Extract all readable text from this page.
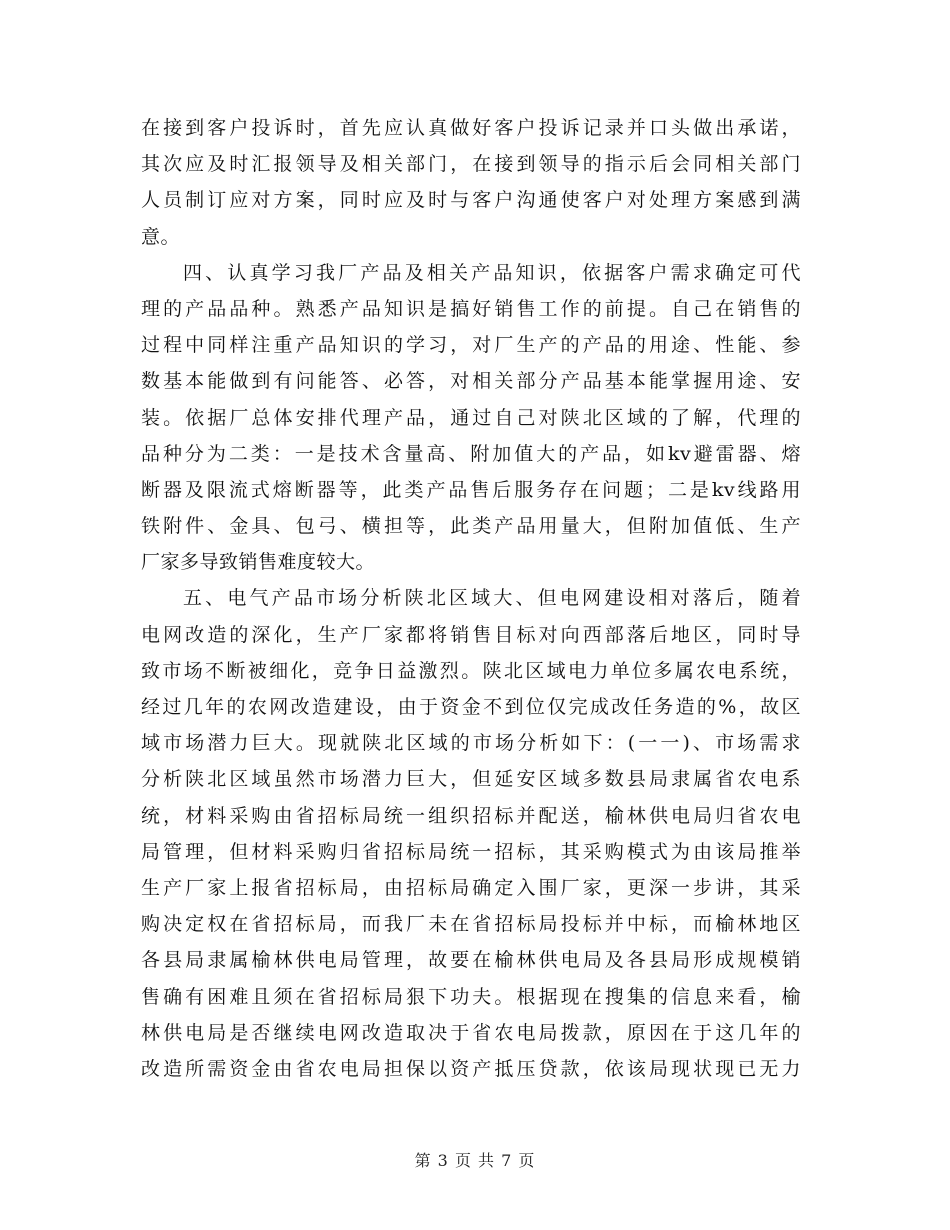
在接到客户投诉时，首先应认真做好客户投诉记录并口头做出承诺，
其次应及时汇报领导及相关部门，在接到领导的指示后会同相关部门
人员制订应对方案，同时应及时与客户沟通使客户对处理方案感到满
意。
四、认真学习我厂产品及相关产品知识，依据客户需求确定可代
理的产品品种。熟悉产品知识是搞好销售工作的前提。自己在销售的
过程中同样注重产品知识的学习，对厂生产的产品的用途、性能、参
数基本能做到有问能答、必答，对相关部分产品基本能掌握用途、安
装。依据厂总体安排代理产品，通过自己对陕北区域的了解，代理的
品种分为二类：一是技术含量高、附加值大的产品，如kv避雷器、熔
断器及限流式熔断器等，此类产品售后服务存在问题；二是kv线路用
铁附件、金具、包弓、横担等，此类产品用量大，但附加值低、生产
厂家多导致销售难度较大。
五、电气产品市场分析陕北区域大、但电网建设相对落后，随着
电网改造的深化，生产厂家都将销售目标对向西部落后地区，同时导
致市场不断被细化，竞争日益激烈。陕北区域电力单位多属农电系统，
经过几年的农网改造建设，由于资金不到位仅完成改任务造的%，故区
域市场潜力巨大。现就陕北区域的市场分析如下：(一一)、市场需求
分析陕北区域虽然市场潜力巨大，但延安区域多数县局隶属省农电系
统，材料采购由省招标局统一组织招标并配送，榆林供电局归省农电
局管理，但材料采购归省招标局统一招标，其采购模式为由该局推举
生产厂家上报省招标局，由招标局确定入围厂家，更深一步讲，其采
购决定权在省招标局，而我厂未在省招标局投标并中标，而榆林地区
各县局隶属榆林供电局管理，故要在榆林供电局及各县局形成规模销
售确有困难且须在省招标局狠下功夫。根据现在搜集的信息来看，榆
林供电局是否继续电网改造取决于省农电局拨款，原因在于这几年的
改造所需资金由省农电局担保以资产抵压贷款，依该局现状现已无力
第 3 页 共 7 页
